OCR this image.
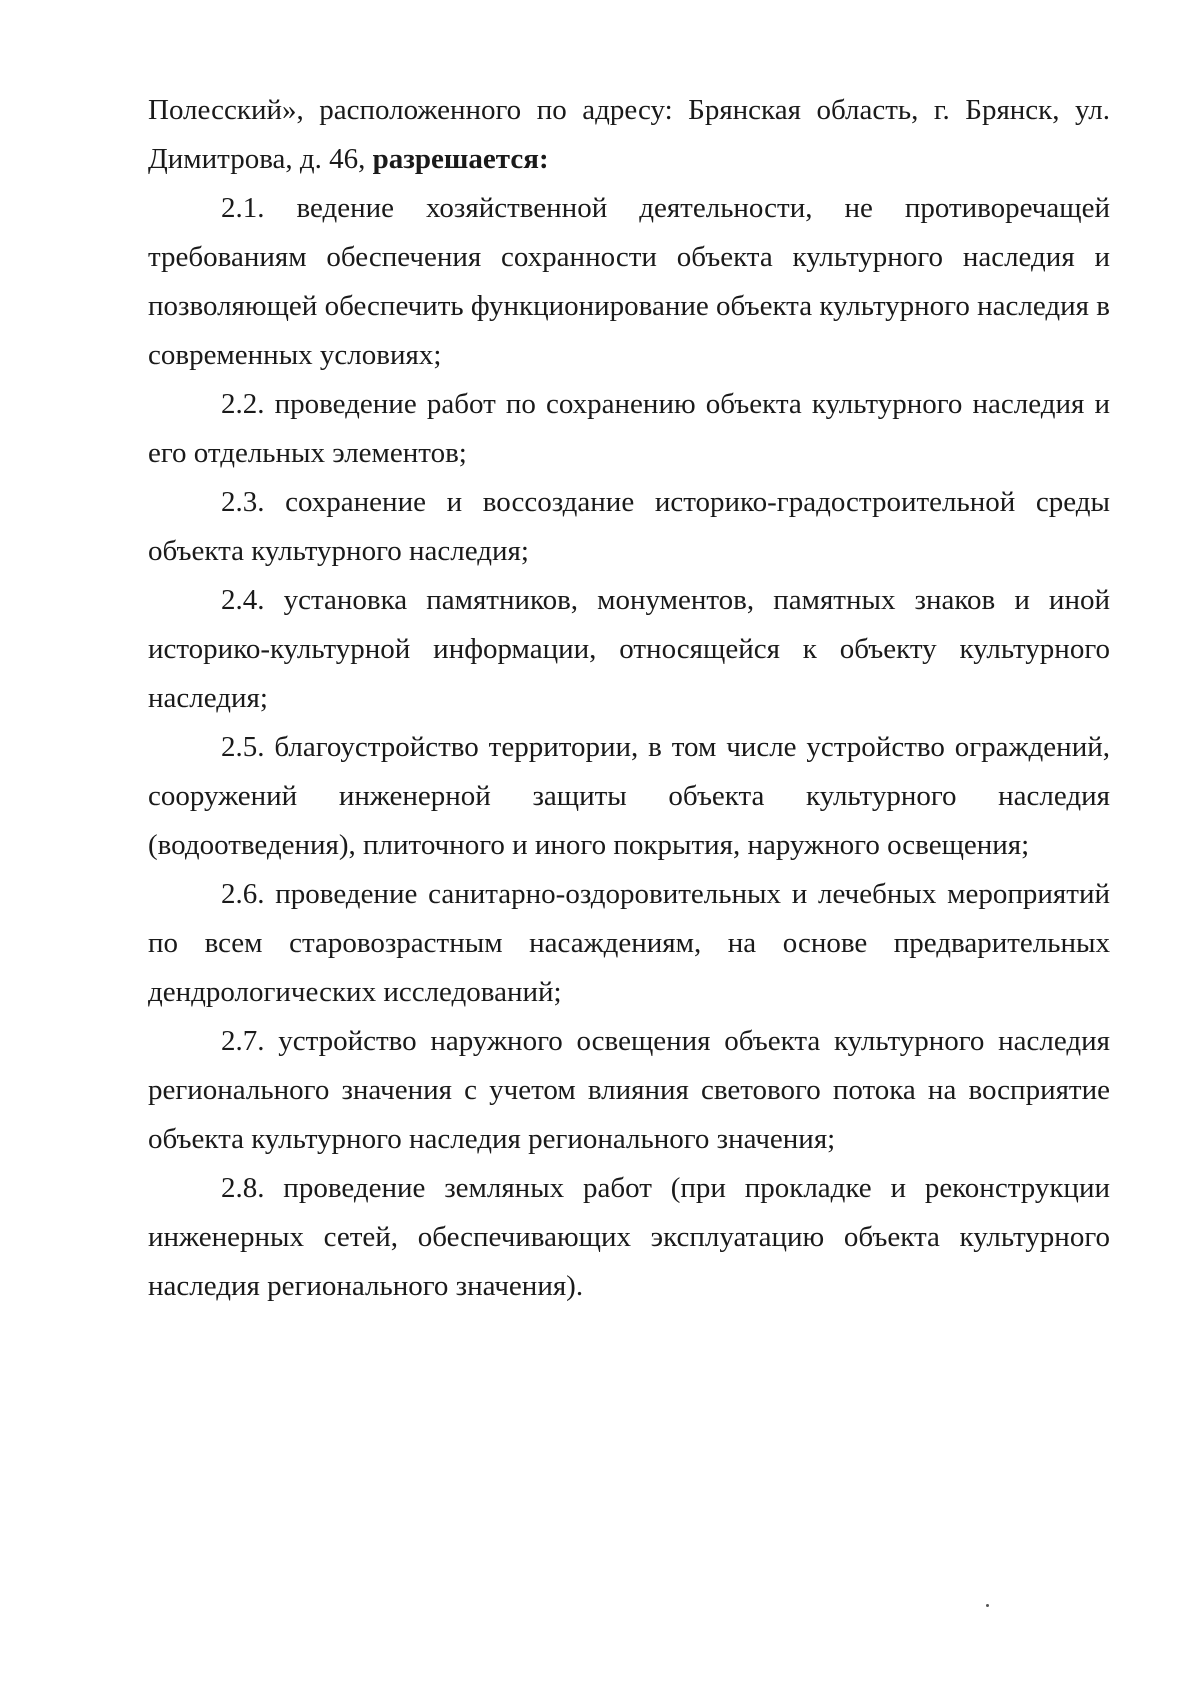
Полесский», расположенного по адресу: Брянская область, г. Брянск, ул. Димитрова, д. 46, разрешается:

2.1. ведение хозяйственной деятельности, не противоречащей требованиям обеспечения сохранности объекта культурного наследия и позволяющей обеспечить функционирование объекта культурного наследия в современных условиях;

2.2. проведение работ по сохранению объекта культурного наследия и его отдельных элементов;

2.3. сохранение и воссоздание историко-градостроительной среды объекта культурного наследия;

2.4. установка памятников, монументов, памятных знаков и иной историко-культурной информации, относящейся к объекту культурного наследия;

2.5. благоустройство территории, в том числе устройство ограждений, сооружений инженерной защиты объекта культурного наследия (водоотведения), плиточного и иного покрытия, наружного освещения;

2.6. проведение санитарно-оздоровительных и лечебных мероприятий по всем старовозрастным насаждениям, на основе предварительных дендрологических исследований;

2.7. устройство наружного освещения объекта культурного наследия регионального значения с учетом влияния светового потока на восприятие объекта культурного наследия регионального значения;

2.8. проведение земляных работ (при прокладке и реконструкции инженерных сетей, обеспечивающих эксплуатацию объекта культурного наследия регионального значения).
